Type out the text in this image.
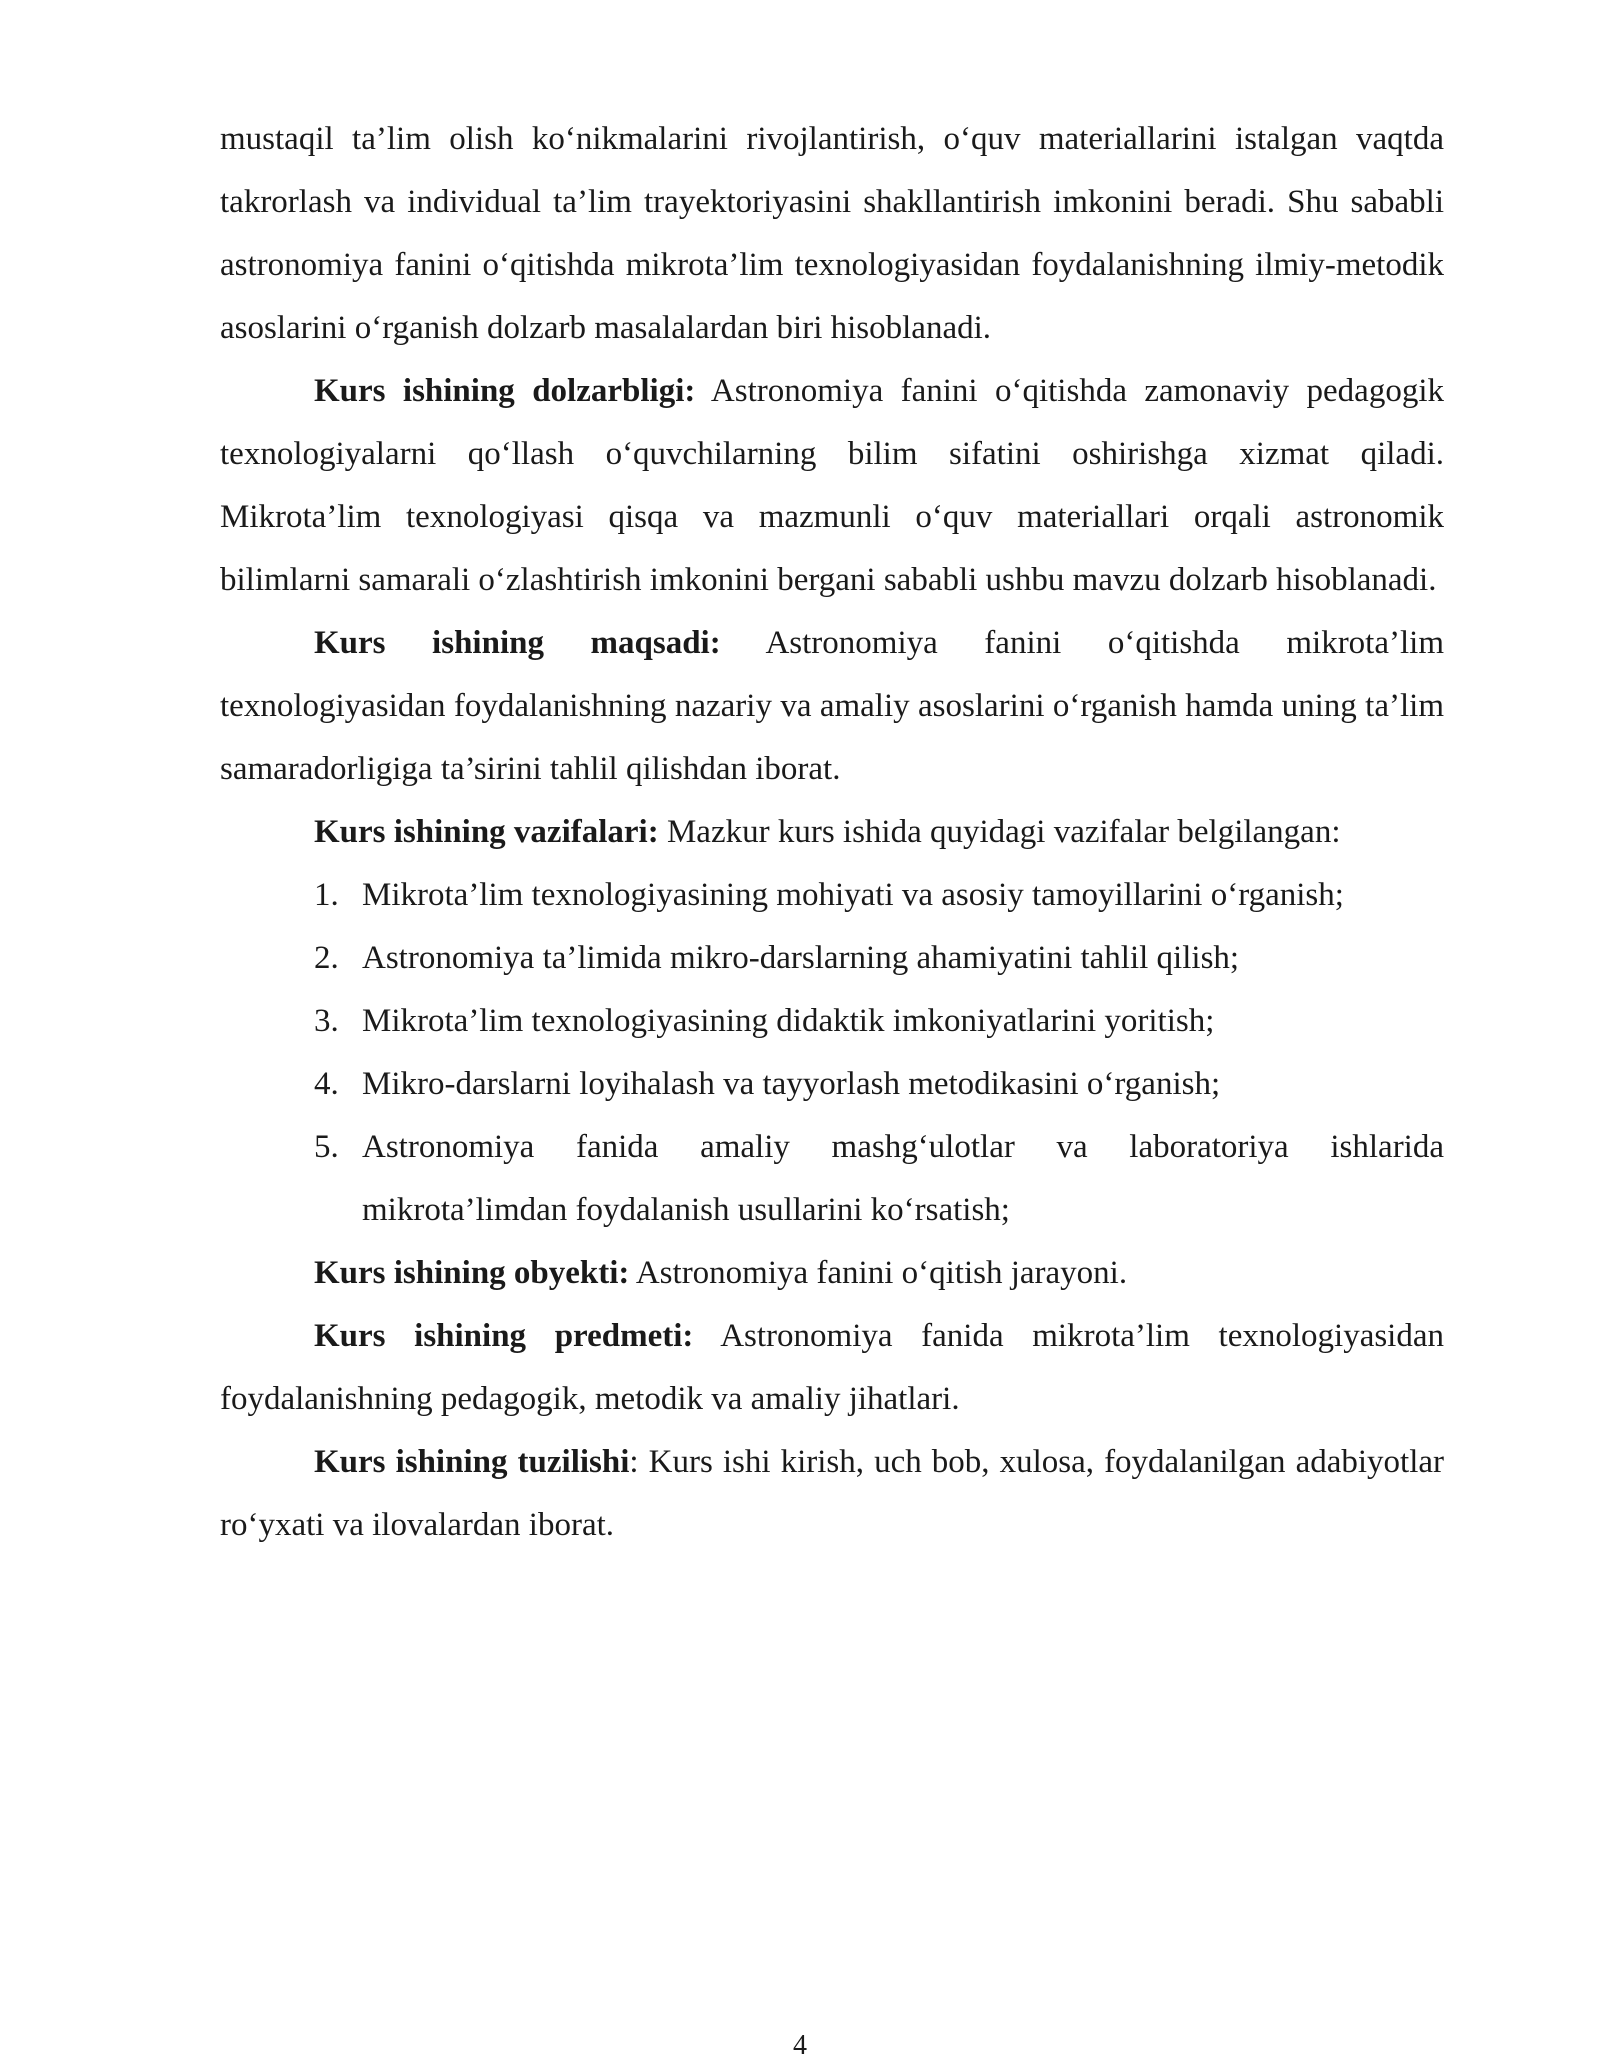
mustaqil ta’lim olish ko‘nikmalarini rivojlantirish, o‘quv materiallarini istalgan vaqtda takrorlash va individual ta’lim trayektoriyasini shakllantirish imkonini beradi. Shu sababli astronomiya fanini o‘qitishda mikrota’lim texnologiyasidan foydalanishning ilmiy-metodik asoslarini o‘rganish dolzarb masalalardan biri hisoblanadi.

Kurs ishining dolzarbligi: Astronomiya fanini o‘qitishda zamonaviy pedagogik texnologiyalarni qo‘llash o‘quvchilarning bilim sifatini oshirishga xizmat qiladi. Mikrota’lim texnologiyasi qisqa va mazmunli o‘quv materiallari orqali astronomik bilimlarni samarali o‘zlashtirish imkonini bergani sababli ushbu mavzu dolzarb hisoblanadi.

Kurs ishining maqsadi: Astronomiya fanini o‘qitishda mikrota’lim texnologiyasidan foydalanishning nazariy va amaliy asoslarini o‘rganish hamda uning ta’lim samaradorligiga ta’sirini tahlil qilishdan iborat.

Kurs ishining vazifalari: Mazkur kurs ishida quyidagi vazifalar belgilangan:

1. Mikrota’lim texnologiyasining mohiyati va asosiy tamoyillarini o‘rganish;
2. Astronomiya ta’limida mikro-darslarning ahamiyatini tahlil qilish;
3. Mikrota’lim texnologiyasining didaktik imkoniyatlarini yoritish;
4. Mikro-darslarni loyihalash va tayyorlash metodikasini o‘rganish;
5. Astronomiya fanida amaliy mashg‘ulotlar va laboratoriya ishlarida mikrota’limdan foydalanish usullarini ko‘rsatish;

Kurs ishining obyekti: Astronomiya fanini o‘qitish jarayoni.

Kurs ishining predmeti: Astronomiya fanida mikrota’lim texnologiyasidan foydalanishning pedagogik, metodik va amaliy jihatlari.

Kurs ishining tuzilishi: Kurs ishi kirish, uch bob, xulosa, foydalanilgan adabiyotlar ro‘yxati va ilovalardan iborat.

4
